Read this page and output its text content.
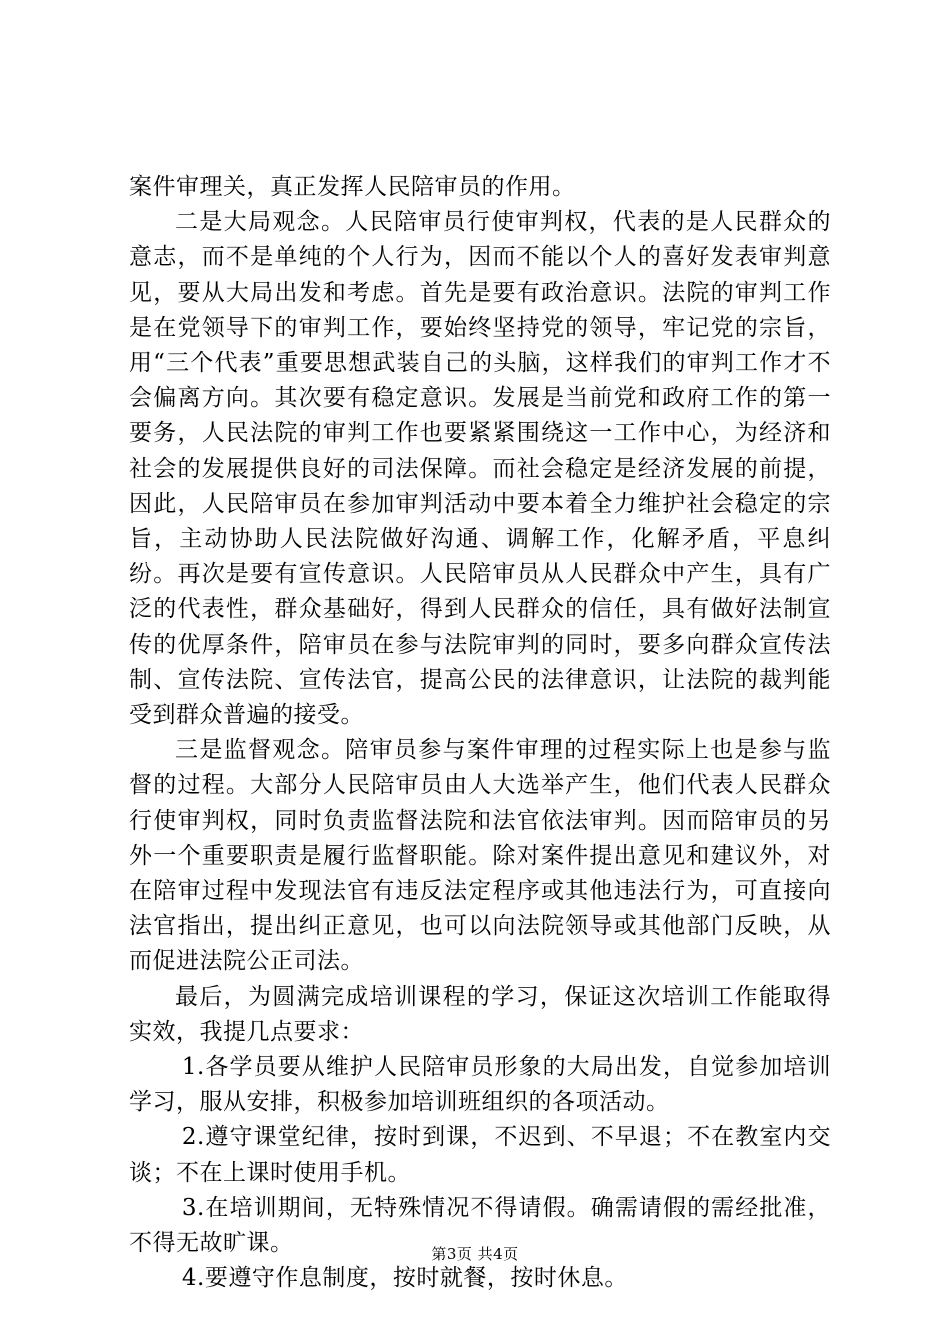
案件审理关，真正发挥人民陪审员的作用。

二是大局观念。人民陪审员行使审判权，代表的是人民群众的意志，而不是单纯的个人行为，因而不能以个人的喜好发表审判意见，要从大局出发和考虑。首先是要有政治意识。法院的审判工作是在党领导下的审判工作，要始终坚持党的领导，牢记党的宗旨，用“三个代表”重要思想武装自己的头脑，这样我们的审判工作才不会偏离方向。其次要有稳定意识。发展是当前党和政府工作的第一要务，人民法院的审判工作也要紧紧围绕这一工作中心，为经济和社会的发展提供良好的司法保障。而社会稳定是经济发展的前提，因此，人民陪审员在参加审判活动中要本着全力维护社会稳定的宗旨，主动协助人民法院做好沟通、调解工作，化解矛盾，平息纠纷。再次是要有宣传意识。人民陪审员从人民群众中产生，具有广泛的代表性，群众基础好，得到人民群众的信任，具有做好法制宣传的优厚条件，陪审员在参与法院审判的同时，要多向群众宣传法制、宣传法院、宣传法官，提高公民的法律意识，让法院的裁判能受到群众普遍的接受。

三是监督观念。陪审员参与案件审理的过程实际上也是参与监督的过程。大部分人民陪审员由人大选举产生，他们代表人民群众行使审判权，同时负责监督法院和法官依法审判。因而陪审员的另外一个重要职责是履行监督职能。除对案件提出意见和建议外，对在陪审过程中发现法官有违反法定程序或其他违法行为，可直接向法官指出，提出纠正意见，也可以向法院领导或其他部门反映，从而促进法院公正司法。

最后，为圆满完成培训课程的学习，保证这次培训工作能取得实效，我提几点要求：

1.各学员要从维护人民陪审员形象的大局出发，自觉参加培训学习，服从安排，积极参加培训班组织的各项活动。

2.遵守课堂纪律，按时到课，不迟到、不早退；不在教室内交谈；不在上课时使用手机。

3.在培训期间，无特殊情况不得请假。确需请假的需经批准，不得无故旷课。

4.要遵守作息制度，按时就餐，按时休息。

第3页 共4页
